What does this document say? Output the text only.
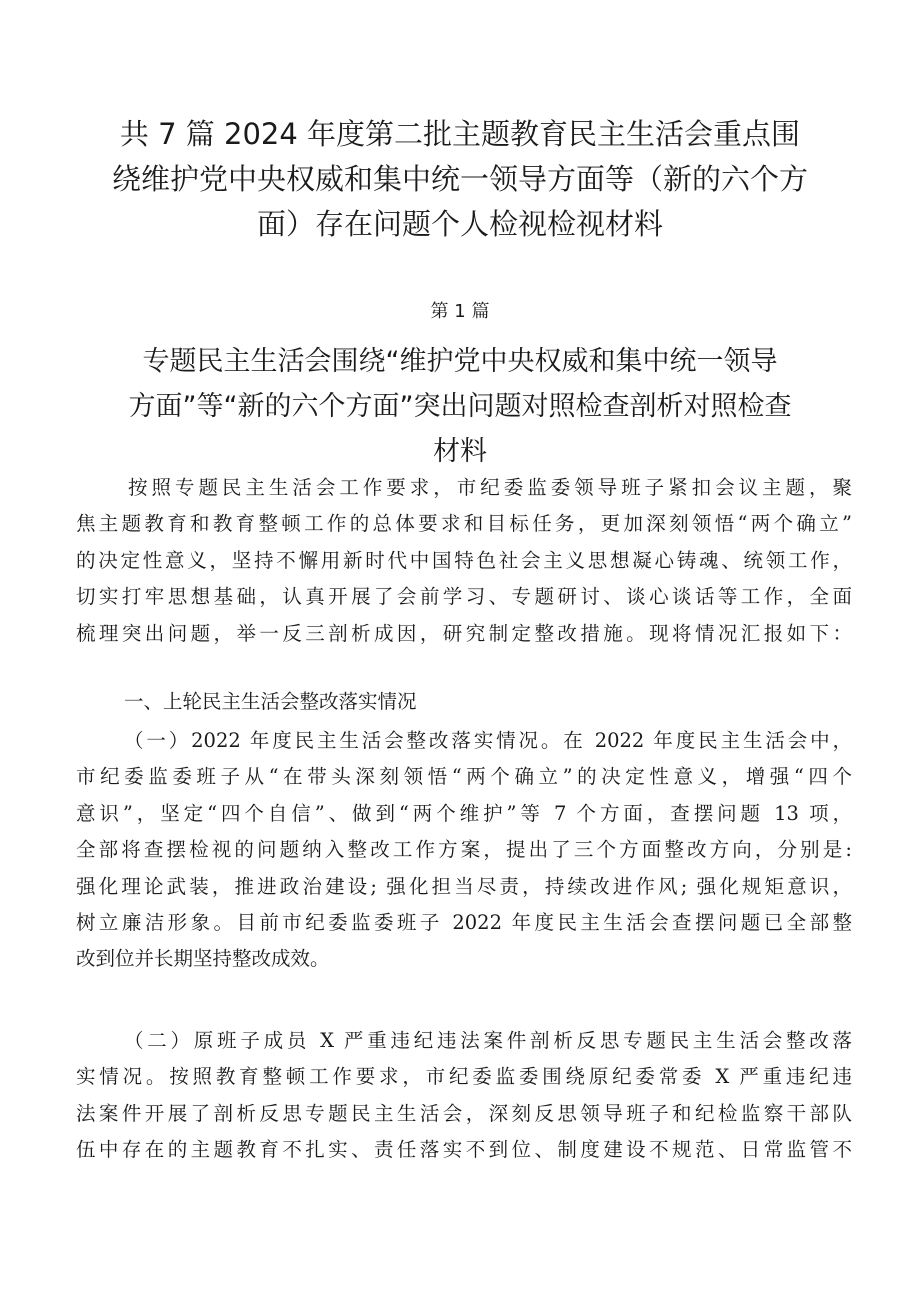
共 7 篇 2024 年度第二批主题教育民主生活会重点围
绕维护党中央权威和集中统一领导方面等（新的六个方
面）存在问题个人检视检视材料
第 1 篇
专题民主生活会围绕“维护党中央权威和集中统一领导
方面”等“新的六个方面”突出问题对照检查剖析对照检查
材料
按照专题民主生活会工作要求，市纪委监委领导班子紧扣会议主题，聚
焦主题教育和教育整顿工作的总体要求和目标任务，更加深刻领悟“两个确立”
的决定性意义，坚持不懈用新时代中国特色社会主义思想凝心铸魂、统领工作，
切实打牢思想基础，认真开展了会前学习、专题研讨、谈心谈话等工作，全面
梳理突出问题，举一反三剖析成因，研究制定整改措施。现将情况汇报如下：
一、上轮民主生活会整改落实情况
（一）2022 年度民主生活会整改落实情况。在 2022 年度民主生活会中，
市纪委监委班子从“在带头深刻领悟“两个确立”的决定性意义，增强“四个
意识”，坚定“四个自信”、做到“两个维护”等 7 个方面，查摆问题 13 项，
全部将查摆检视的问题纳入整改工作方案，提出了三个方面整改方向，分别是:
强化理论武装，推进政治建设; 强化担当尽责，持续改进作风; 强化规矩意识，
树立廉洁形象。目前市纪委监委班子 2022 年度民主生活会查摆问题已全部整
改到位并长期坚持整改成效。
（二）原班子成员 X 严重违纪违法案件剖析反思专题民主生活会整改落
实情况。按照教育整顿工作要求，市纪委监委围绕原纪委常委 X 严重违纪违
法案件开展了剖析反思专题民主生活会，深刻反思领导班子和纪检监察干部队
伍中存在的主题教育不扎实、责任落实不到位、制度建设不规范、日常监管不
